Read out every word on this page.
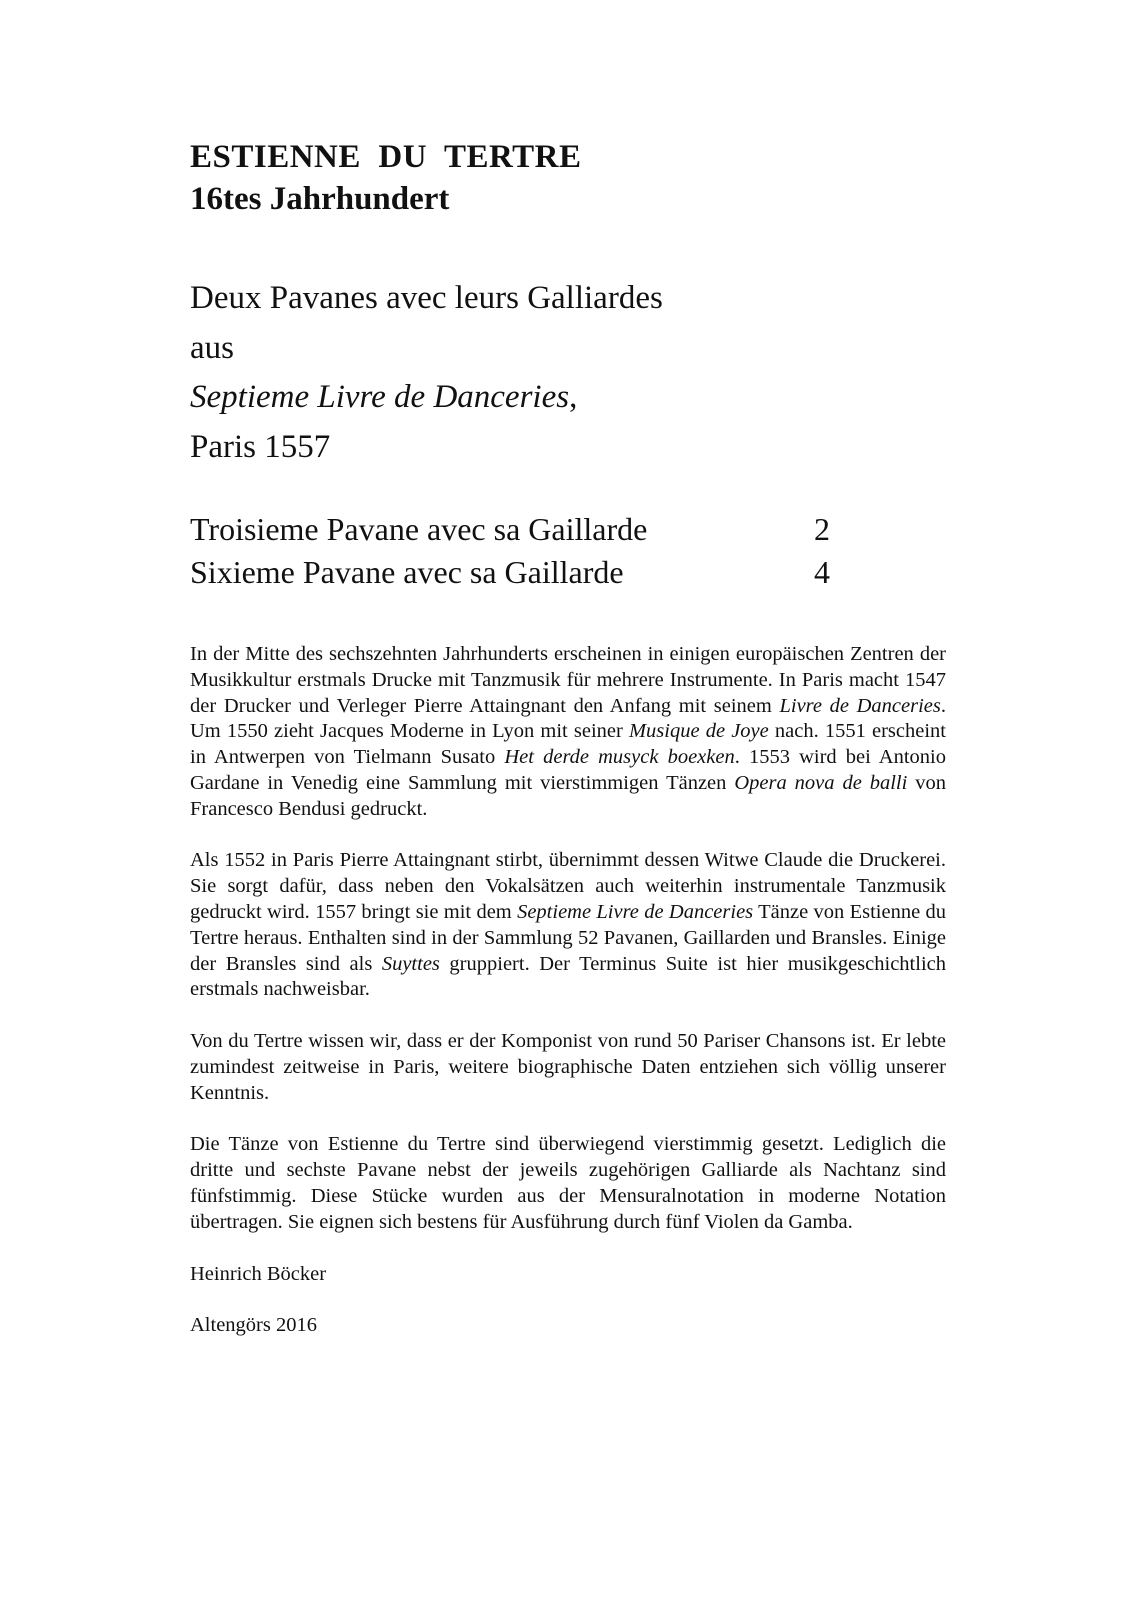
ESTIENNE  DU  TERTRE

16tes Jahrhundert

Deux Pavanes avec leurs Galliardes

aus

Septieme Livre de Danceries,

Paris 1557

Troisieme Pavane avec sa Gaillarde	2
Sixieme Pavane avec sa Gaillarde	4

In der Mitte des sechszehnten Jahrhunderts erscheinen in einigen europäischen Zentren der Musikkultur erstmals Drucke mit Tanzmusik für mehrere Instrumente. In Paris macht 1547 der Drucker und Verleger Pierre Attaingnant den Anfang mit seinem Livre de Danceries. Um 1550 zieht Jacques Moderne in Lyon mit seiner Musique de Joye nach. 1551 erscheint in Antwerpen von Tielmann Susato Het derde musyck boexken. 1553 wird bei Antonio Gardane in Venedig eine Sammlung mit vierstimmigen Tänzen Opera nova de balli von Francesco Bendusi gedruckt.

Als 1552 in Paris Pierre Attaingnant stirbt, übernimmt dessen Witwe Claude die Druckerei. Sie sorgt dafür, dass neben den Vokalsätzen auch weiterhin instrumentale Tanzmusik gedruckt wird. 1557 bringt sie mit dem Septieme Livre de Danceries Tänze von Estienne du Tertre heraus. Enthalten sind in der Sammlung 52 Pavanen, Gaillarden und Bransles. Einige der Bransles sind als Suyttes gruppiert. Der Terminus Suite ist hier musikgeschichtlich erstmals nachweisbar.

Von du Tertre wissen wir, dass er der Komponist von rund 50 Pariser Chansons ist. Er lebte zumindest zeitweise in Paris, weitere biographische Daten entziehen sich völlig unserer Kenntnis.

Die Tänze von Estienne du Tertre sind überwiegend vierstimmig gesetzt. Lediglich die dritte und sechste Pavane nebst der jeweils zugehörigen Galliarde als Nachtanz sind fünfstimmig. Diese Stücke wurden aus der Mensuralnotation in moderne Notation übertragen. Sie eignen sich bestens für Ausführung durch fünf Violen da Gamba.

Heinrich Böcker
Altengörs 2016
